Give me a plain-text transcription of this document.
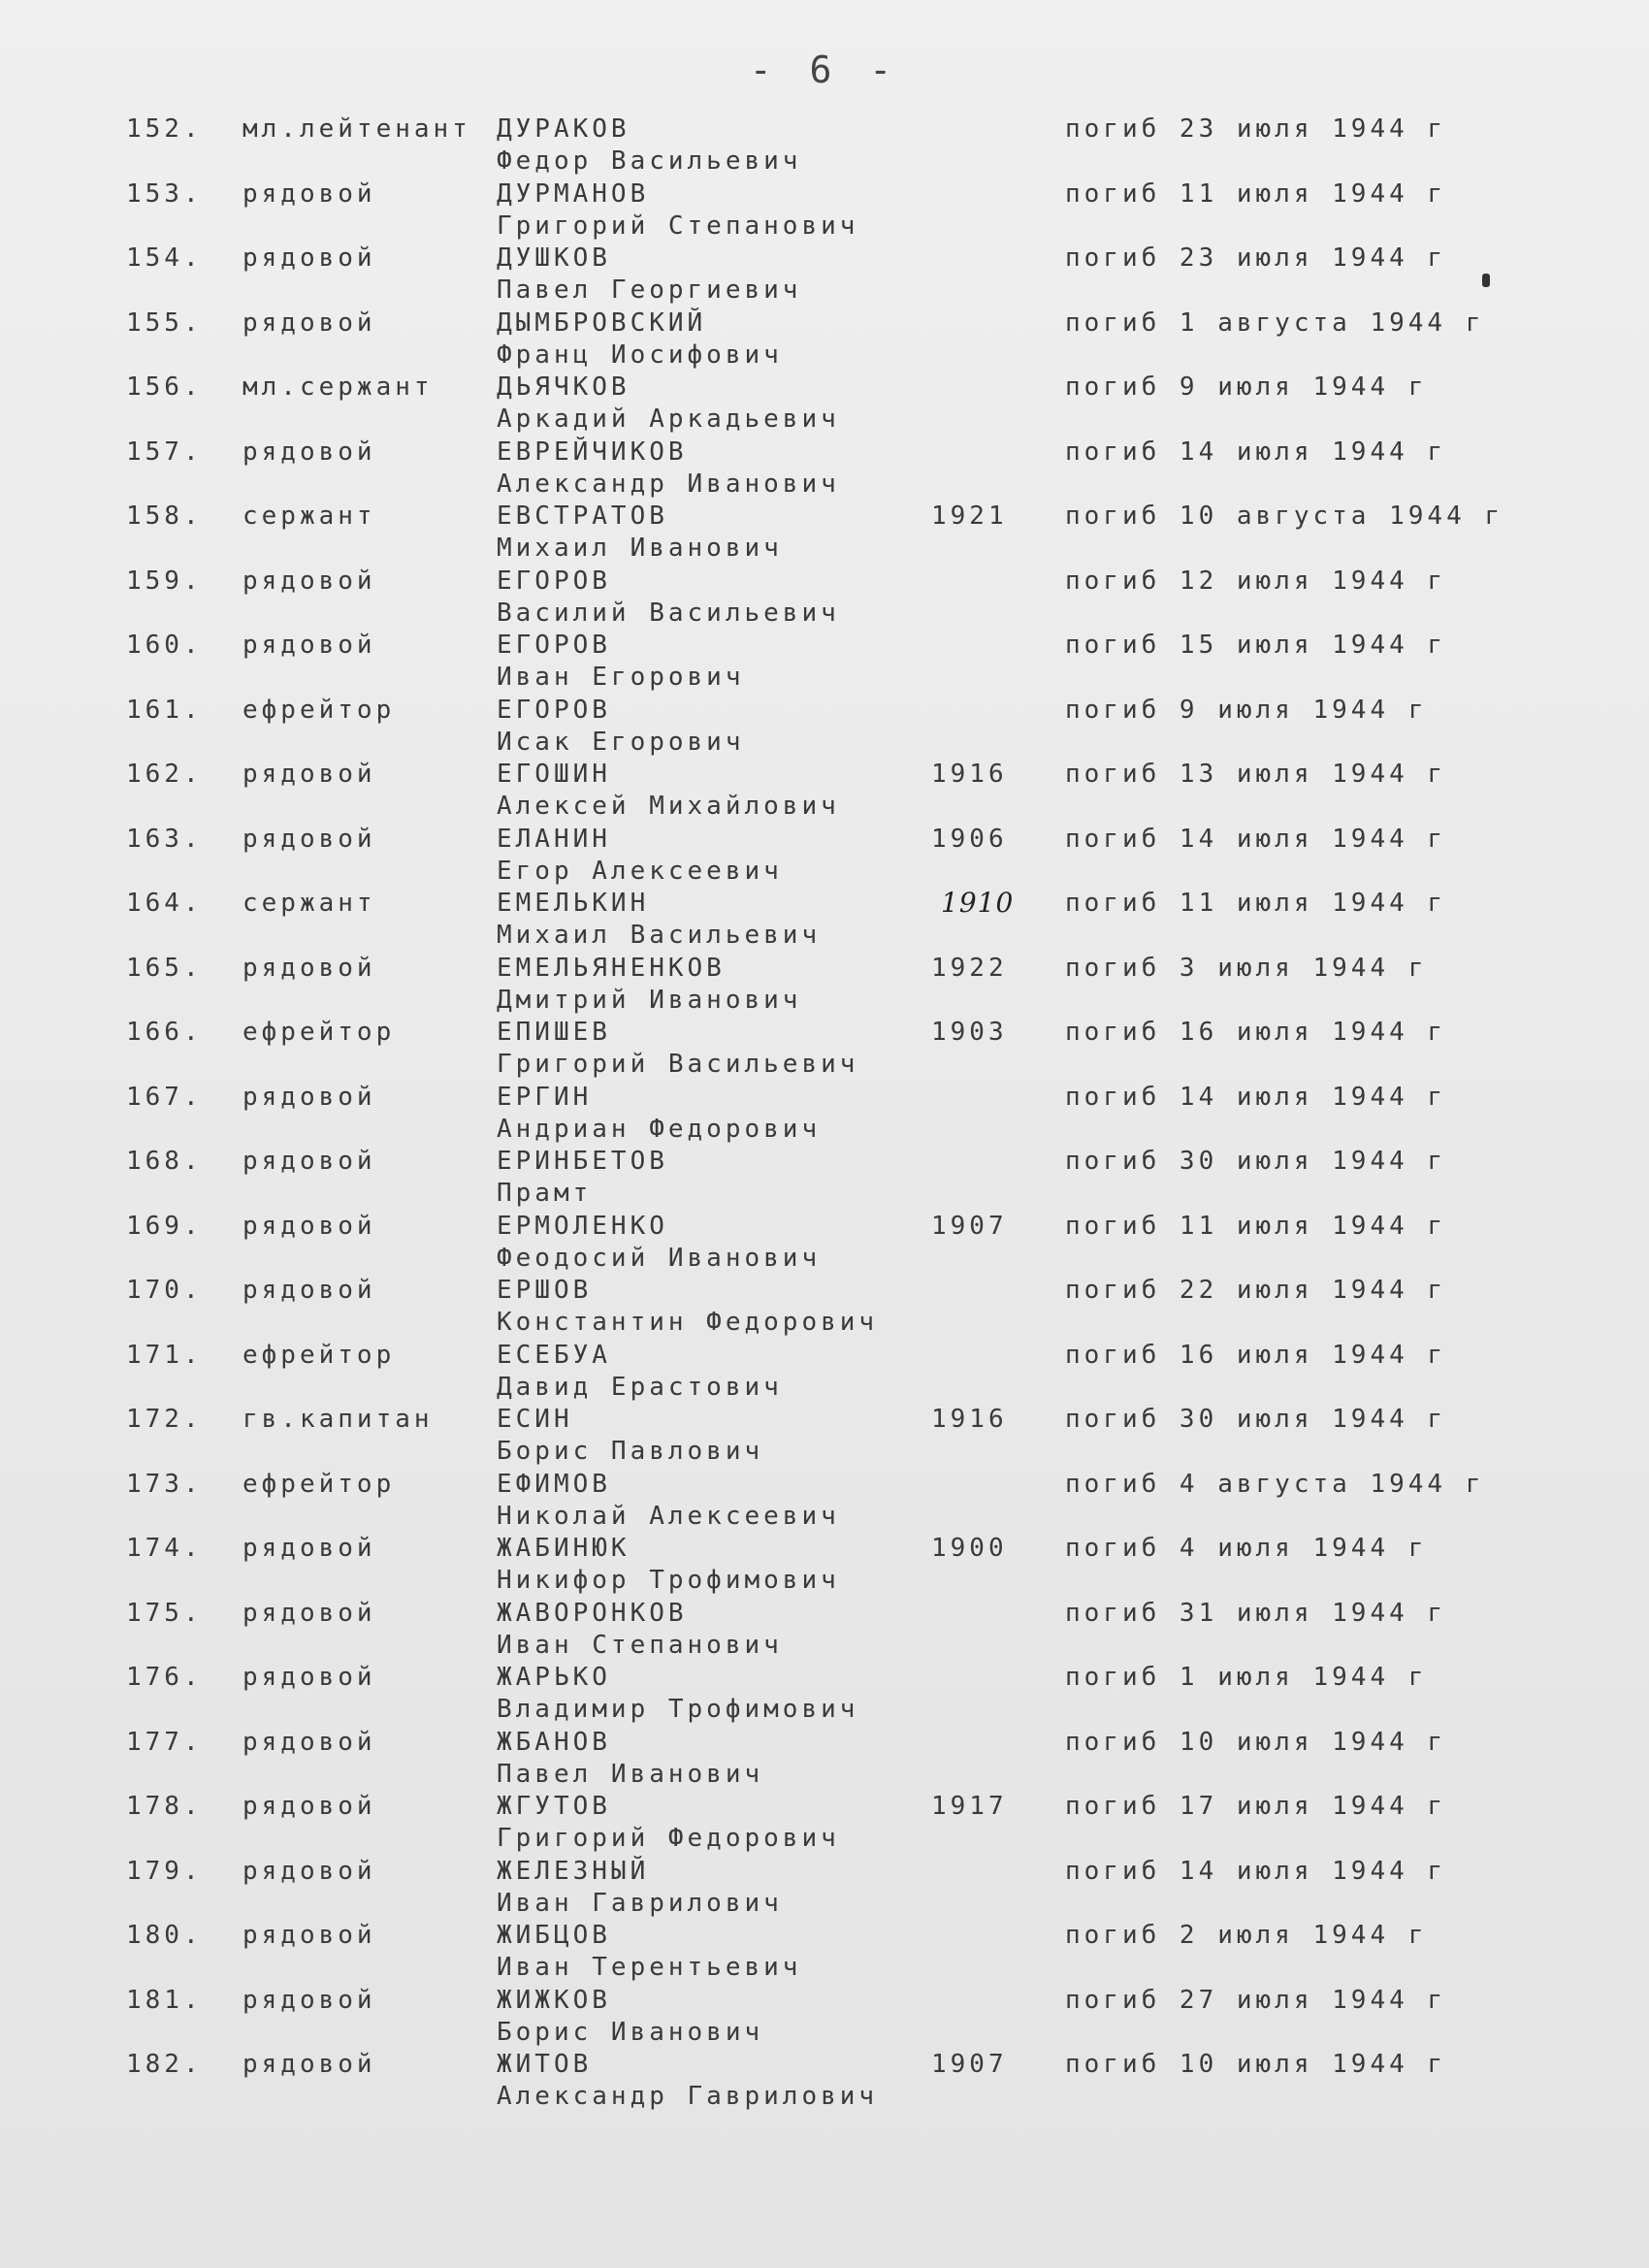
- 6 -
152. мл.лейтенант ДУРАКОВ
Федор Васильевич
погиб 23 июля 1944 г
153. рядовой	ДУРМАНОВ
Григорий Степанович
погиб 11 июля 1944 г
154. рядовой	ДУШКОВ
Павел Георгиевич
погиб 23 июля 1944 г
155. рядовой	ДЫМБРОВСКИЙ
Франц Иосифович
погиб 1 августа 1944 г
156. мл.сержант	ДЬЯЧКОВ
Аркадий Аркадьевич
погиб 9 июля 1944 г
157. рядовой	ЕВРЕЙЧИКОВ
Александр Иванович
погиб 14 июля 1944 г
158. сержант	ЕВСТРАТОВ
Михаил Иванович
1921 погиб 10 августа 1944 г
159. рядовой	ЕГОРОВ
Василий Васильевич
погиб 12 июля 1944 г
160. рядовой	ЕГОРОВ
Иван Егорович
погиб 15 июля 1944 г
161. ефрейтор	ЕГОРОВ
Исак Егорович
погиб 9 июля 1944 г
162. рядовой	ЕГОШИН
Алексей Михайлович
1916 погиб 13 июля 1944 г
163. рядовой	ЕЛАНИН
Егор Алексеевич
1906 погиб 14 июля 1944 г
164. сержант	ЕМЕЛЬКИН
Михаил Васильевич
1910 погиб 11 июля 1944 г
165. рядовой	ЕМЕЛЬЯНЕНКОВ
Дмитрий Иванович
1922 погиб 3 июля 1944 г
166. ефрейтор	ЕПИШЕВ
Григорий Васильевич
1903 погиб 16 июля 1944 г
167. рядовой	ЕРГИН
Андриан Федорович
погиб 14 июля 1944 г
168. рядовой	ЕРИНБЕТОВ
Прамт
погиб 30 июля 1944 г
169. рядовой	ЕРМОЛЕНКО
Феодосий Иванович
1907 погиб 11 июля 1944 г
170. рядовой	ЕРШОВ
Константин Федорович
погиб 22 июля 1944 г
171. ефрейтор	ЕСЕБУА
Давид Ерастович
погиб 16 июля 1944 г
172. гв.капитан	ЕСИН
Борис Павлович
1916 погиб 30 июля 1944 г
173. ефрейтор	ЕФИМОВ
Николай Алексеевич
погиб 4 августа 1944 г
174. рядовой	ЖАБИНЮК
Никифор Трофимович
1900 погиб 4 июля 1944 г
175. рядовой	ЖАВОРОНКОВ
Иван Степанович
погиб 31 июля 1944 г
176. рядовой	ЖАРЬКО
Владимир Трофимович
погиб 1 июля 1944 г
177. рядовой	ЖБАНОВ
Павел Иванович
погиб 10 июля 1944 г
178. рядовой	ЖГУТОВ
Григорий Федорович
1917 погиб 17 июля 1944 г
179. рядовой	ЖЕЛЕЗНЫЙ
Иван Гаврилович
погиб 14 июля 1944 г
180. рядовой	ЖИБЦОВ
Иван Терентьевич
погиб 2 июля 1944 г
181. рядовой	ЖИЖКОВ
Борис Иванович
погиб 27 июля 1944 г
182. рядовой	ЖИТОВ
Александр Гаврилович
1907 погиб 10 июля 1944 г
